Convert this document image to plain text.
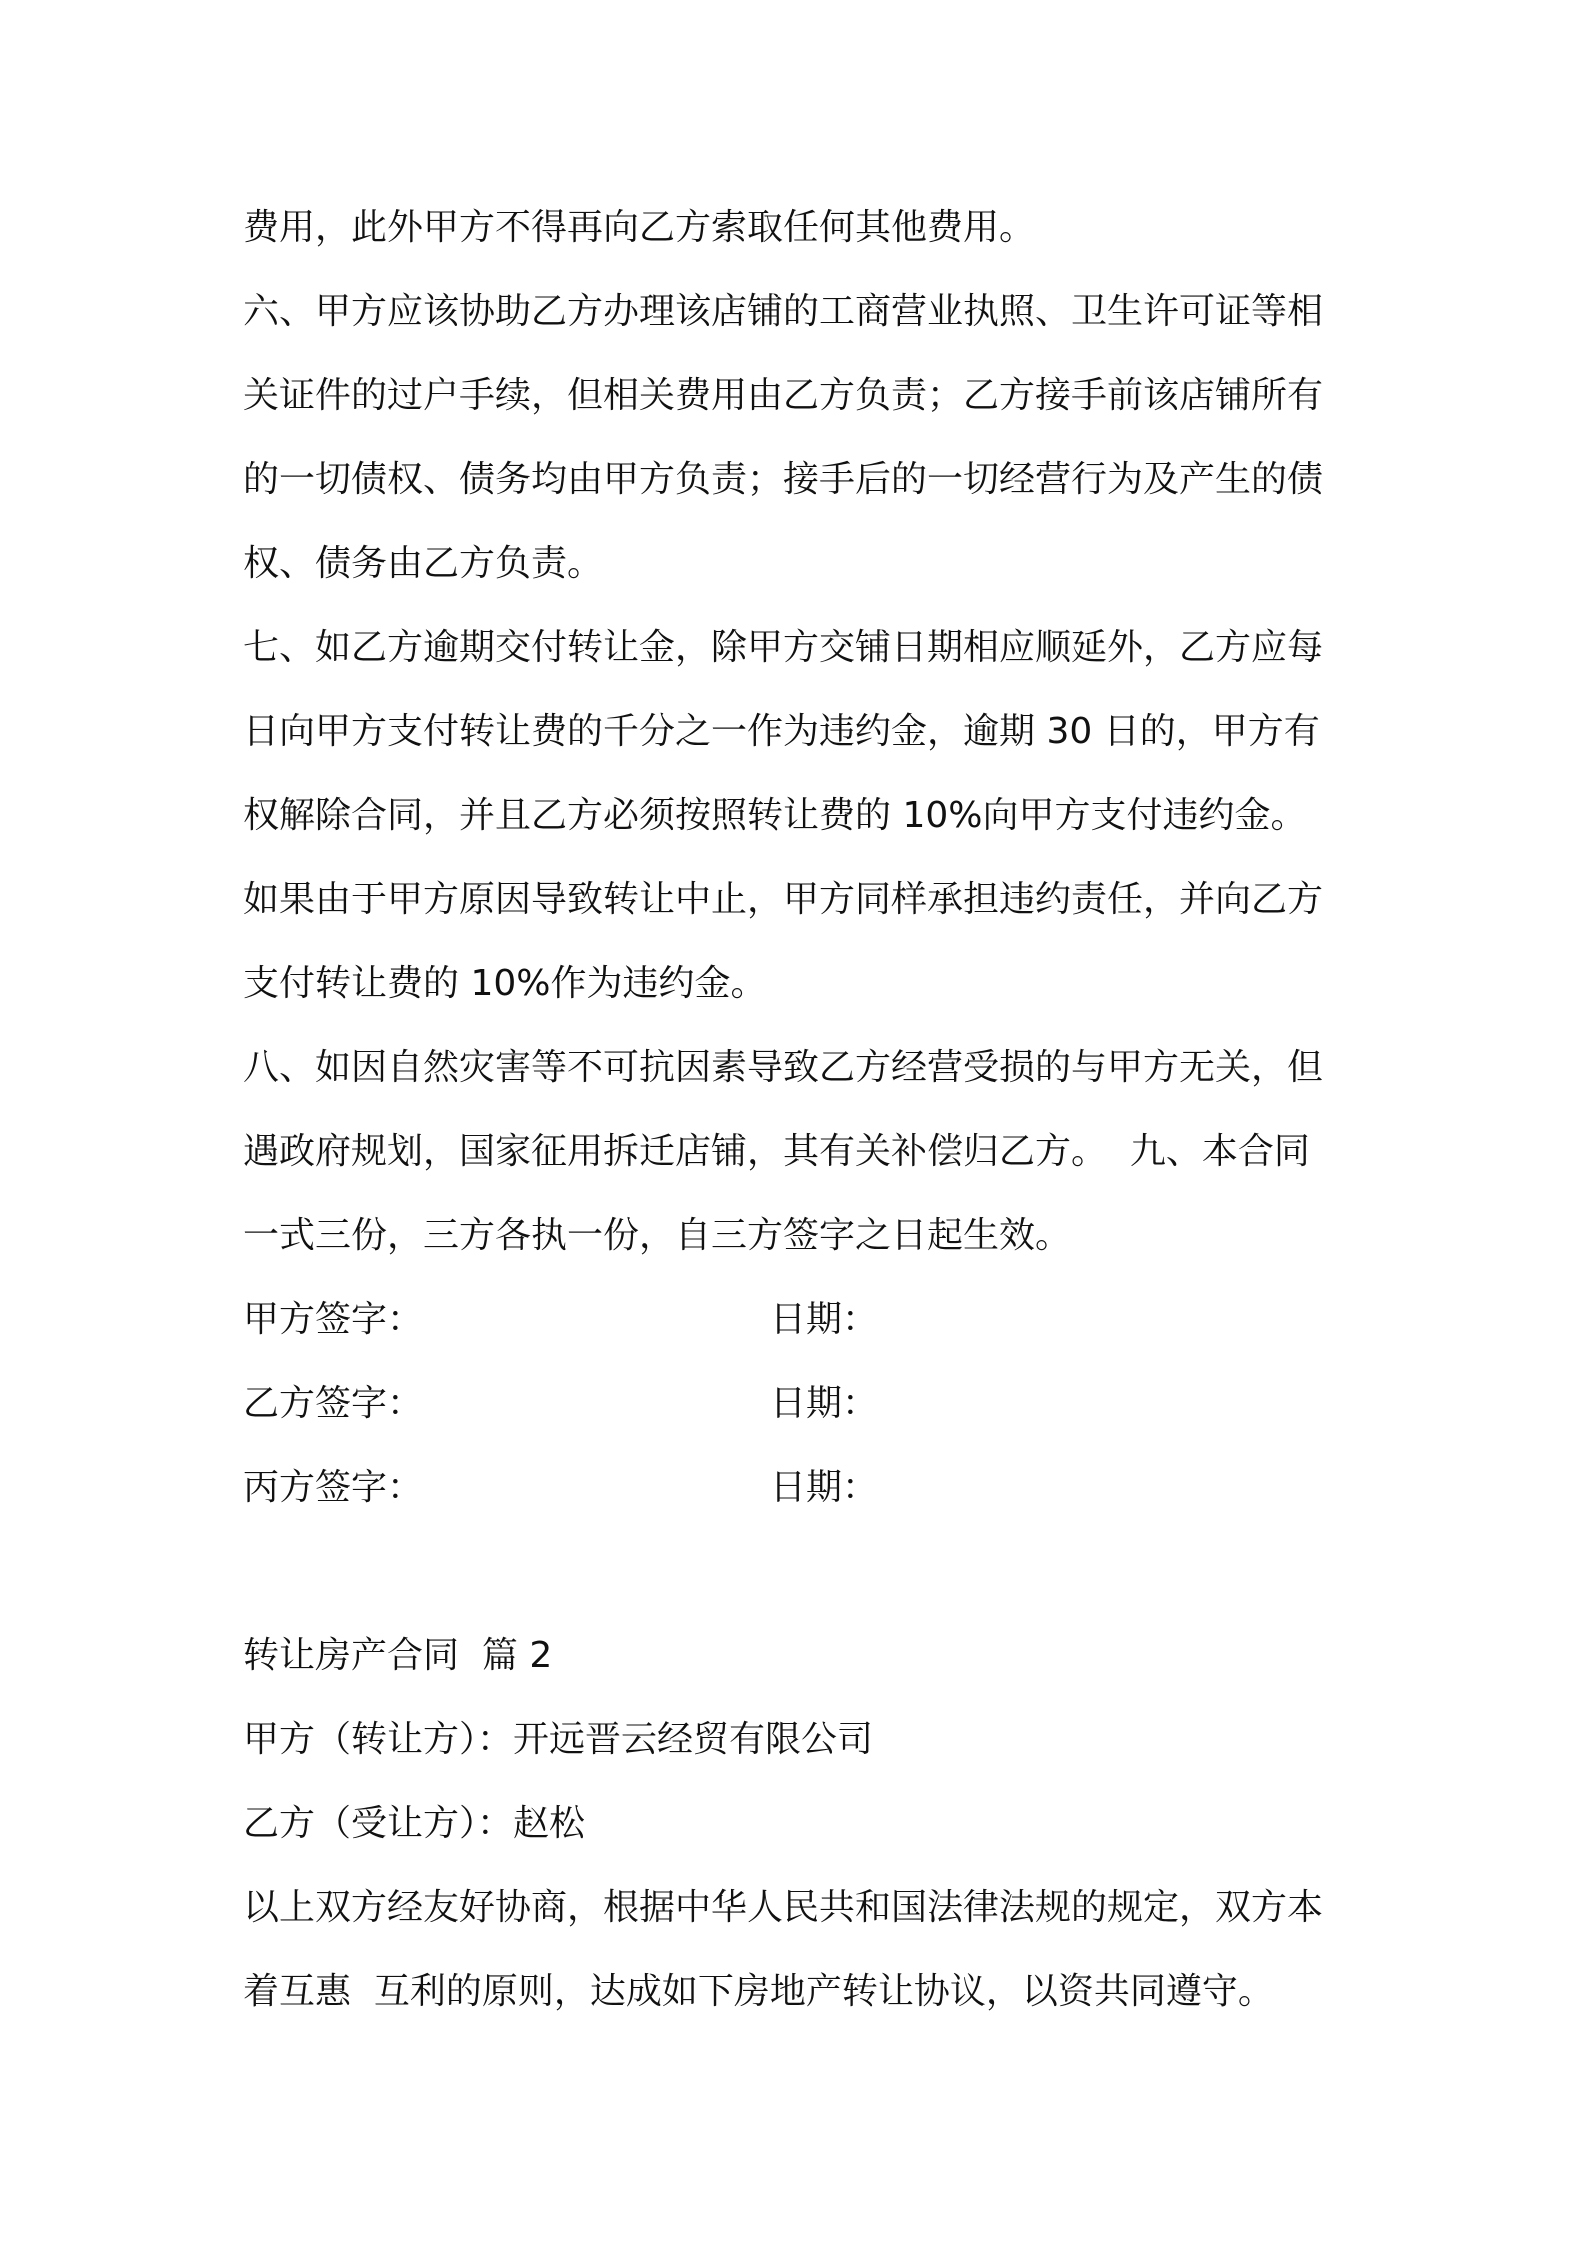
费用，此外甲方不得再向乙方索取任何其他费用。
六、甲方应该协助乙方办理该店铺的工商营业执照、卫生许可证等相
关证件的过户手续，但相关费用由乙方负责；乙方接手前该店铺所有
的一切债权、债务均由甲方负责；接手后的一切经营行为及产生的债
权、债务由乙方负责。
七、如乙方逾期交付转让金，除甲方交铺日期相应顺延外，乙方应每
日向甲方支付转让费的千分之一作为违约金，逾期 30 日的，甲方有
权解除合同，并且乙方必须按照转让费的 10%向甲方支付违约金。
如果由于甲方原因导致转让中止，甲方同样承担违约责任，并向乙方
支付转让费的 10%作为违约金。
八、如因自然灾害等不可抗因素导致乙方经营受损的与甲方无关，但
遇政府规划，国家征用拆迁店铺，其有关补偿归乙方。  九、本合同
一式三份，三方各执一份，自三方签字之日起生效。
甲方签字：	日期：
乙方签字：	日期：
丙方签字：	日期：
转让房产合同  篇 2
甲方（转让方）：开远晋云经贸有限公司
乙方（受让方）：赵松
以上双方经友好协商，根据中华人民共和国法律法规的规定，双方本
着互惠  互利的原则，达成如下房地产转让协议，以资共同遵守。
